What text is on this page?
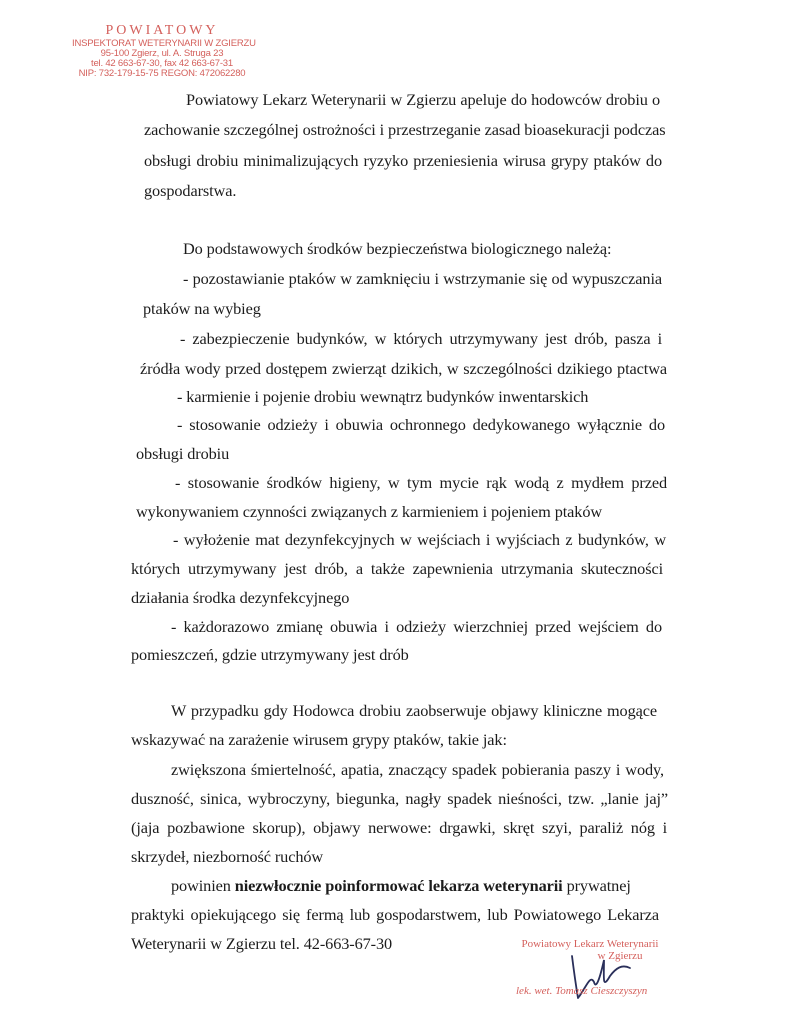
POWIATOWY
INSPEKTORAT WETERYNARII W ZGIERZU
95-100 Zgierz, ul. A. Struga 23
tel. 42 663-67-30, fax 42 663-67-31
NIP: 732-179-15-75 REGON: 472062280
Powiatowy Lekarz Weterynarii w Zgierzu apeluje do hodowców drobiu o
zachowanie szczególnej ostrożności i przestrzeganie zasad bioasekuracji podczas
obsługi drobiu minimalizujących ryzyko przeniesienia wirusa grypy ptaków do
gospodarstwa.
Do podstawowych środków bezpieczeństwa biologicznego należą:
- pozostawianie ptaków w zamknięciu i wstrzymanie się od wypuszczania
ptaków na wybieg
- zabezpieczenie budynków, w których utrzymywany jest drób, pasza i
źródła wody przed dostępem zwierząt dzikich, w szczególności dzikiego ptactwa
- karmienie i pojenie drobiu wewnątrz budynków inwentarskich
- stosowanie odzieży i obuwia ochronnego dedykowanego wyłącznie do
obsługi drobiu
- stosowanie środków higieny, w tym mycie rąk wodą z mydłem przed
wykonywaniem czynności związanych z karmieniem i pojeniem ptaków
- wyłożenie mat dezynfekcyjnych w wejściach i wyjściach z budynków, w
których utrzymywany jest drób, a także zapewnienia utrzymania skuteczności
działania środka dezynfekcyjnego
- każdorazowo zmianę obuwia i odzieży wierzchniej przed wejściem do
pomieszczeń, gdzie utrzymywany jest drób
W przypadku gdy Hodowca drobiu zaobserwuje objawy kliniczne mogące
wskazywać na zarażenie wirusem grypy ptaków, takie jak:
zwiększona śmiertelność, apatia, znaczący spadek pobierania paszy i wody,
duszność, sinica, wybroczyny, biegunka, nagły spadek nieśności, tzw. „lanie jaj”
(jaja pozbawione skorup), objawy nerwowe: drgawki, skręt szyi, paraliż nóg i
skrzydeł, niezborność ruchów
powinien niezwłocznie poinformować lekarza weterynarii prywatnej
praktyki opiekującego się fermą lub gospodarstwem, lub Powiatowego Lekarza
Weterynarii w Zgierzu tel. 42-663-67-30	Powiatowy Lekarz Weterynarii
w Zgierzu
lek. wet. Tomasz Cieszczyszyn
